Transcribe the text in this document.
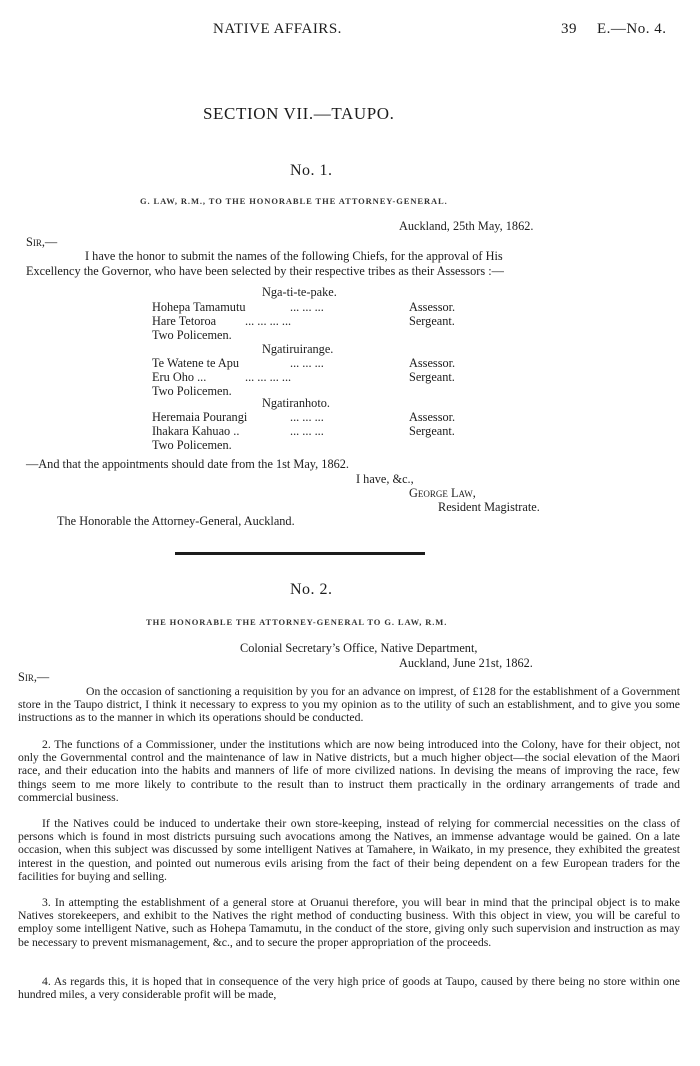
NATIVE AFFAIRS.	39 E.—No. 4.
SECTION VII.—TAUPO.
No. 1.
G. LAW, R.M., TO THE HONORABLE THE ATTORNEY-GENERAL.
Auckland, 25th May, 1862.
Sir,—
I have the honor to submit the names of the following Chiefs, for the approval of His
Excellency the Governor, who have been selected by their respective tribes as their Assessors :—
Nga-ti-te-pake.
Hohepa Tamamutu	... ... ...	Assessor.
Hare Tetoroa ... ... ... ...	Sergeant.
Two Policemen.
Ngatiruirange.
Te Watene te Apu	... ... ...	Assessor.
Eru Oho ...	... ... ... ...	Sergeant.
Two Policemen.
Ngatiranhoto.
Heremaia Pourangi	... ... ...	Assessor.
Ihakara Kahuao ..	... ... ...	Sergeant.
Two Policemen.
—And that the appointments should date from the 1st May, 1862.
I have, &c.,
George Law,
Resident Magistrate.
The Honorable the Attorney-General, Auckland.
No. 2.
THE HONORABLE THE ATTORNEY-GENERAL TO G. LAW, R.M.
Colonial Secretary’s Office, Native Department,
Auckland, June 21st, 1862.
Sir,—

On the occasion of sanctioning a requisition by you for an advance on imprest, of £128 for the establishment of a Government store in the Taupo district, I think it necessary to express to you my opinion as to the utility of such an establishment, and to give you some instructions as to the manner in which its operations should be conducted.

2. The functions of a Commissioner, under the institutions which are now being introduced into the Colony, have for their object, not only the Governmental control and the maintenance of law in Native districts, but a much higher object—the social elevation of the Maori race, and their education into the habits and manners of life of more civilized nations. In devising the means of improving the race, few things seem to me more likely to contribute to the result than to instruct them practically in the ordinary arrangements of trade and commercial business.

If the Natives could be induced to undertake their own store-keeping, instead of relying for commercial necessities on the class of persons which is found in most districts pursuing such avocations among the Natives, an immense advantage would be gained. On a late occasion, when this subject was discussed by some intelligent Natives at Tamahere, in Waikato, in my presence, they exhibited the greatest interest in the question, and pointed out numerous evils arising from the fact of their being dependent on a few European traders for the facilities for buying and selling.

3. In attempting the establishment of a general store at Oruanui therefore, you will bear in mind that the principal object is to make Natives storekeepers, and exhibit to the Natives the right method of conducting business. With this object in view, you will be careful to employ some intelligent Native, such as Hohepa Tamamutu, in the conduct of the store, giving only such supervision and instruction as may be necessary to prevent mismanagement, &c., and to secure the proper appropriation of the proceeds.

4. As regards this, it is hoped that in consequence of the very high price of goods at Taupo, caused by there being no store within one hundred miles, a very considerable profit will be made,
